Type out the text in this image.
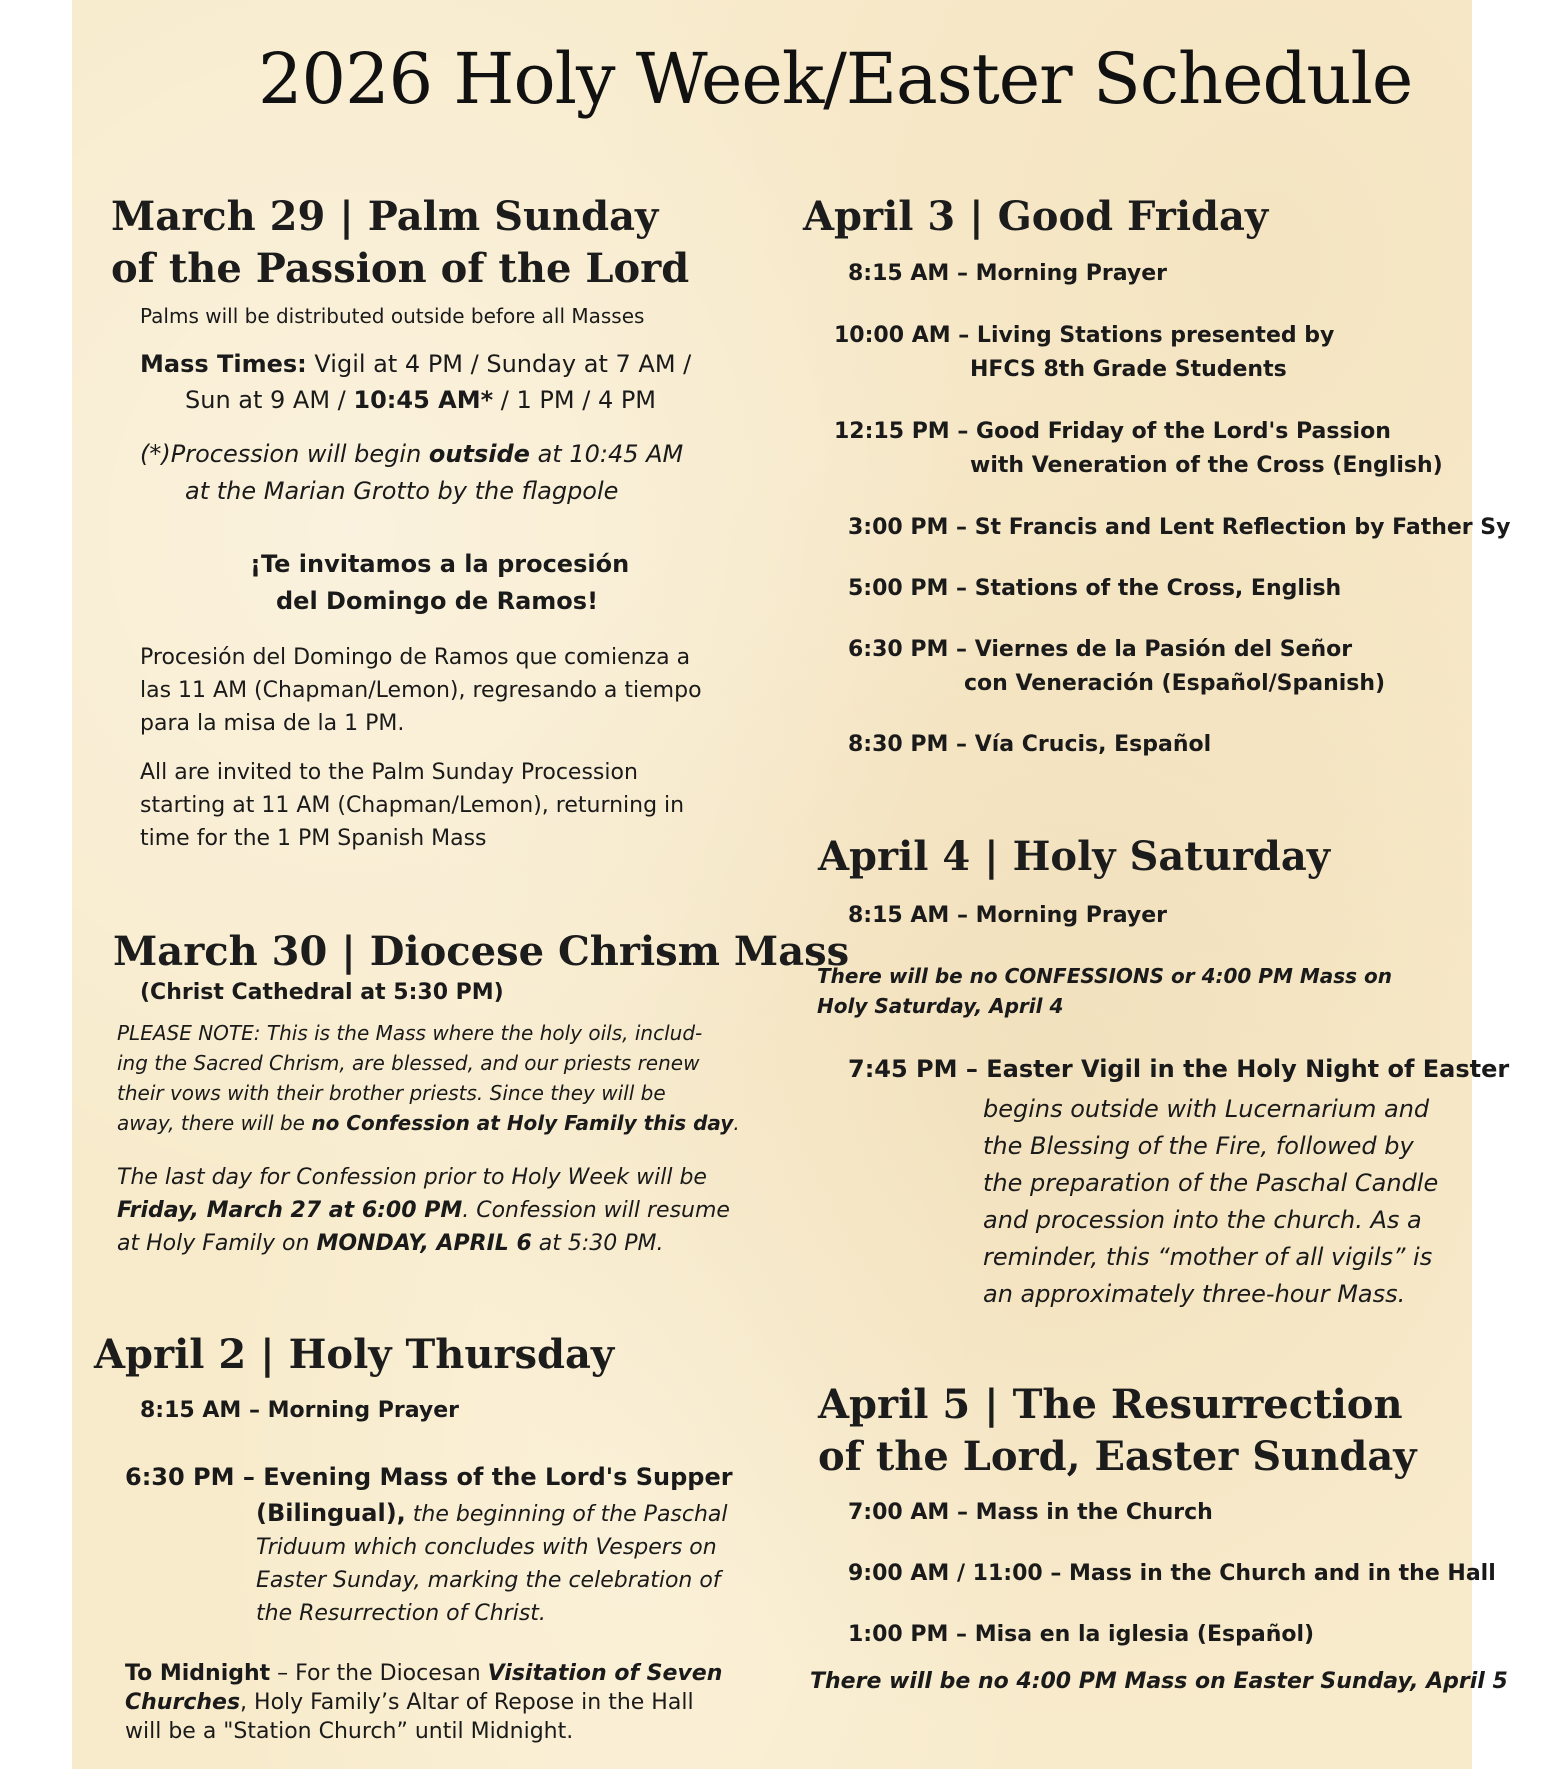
2026 Holy Week/Easter Schedule
March 29 | Palm Sunday
of the Passion of the Lord
Palms will be distributed outside before all Masses
Mass Times: Vigil at 4 PM / Sunday at 7 AM /
Sun at 9 AM / 10:45 AM* / 1 PM / 4 PM
(*)Procession will begin outside at 10:45 AM
at the Marian Grotto by the flagpole
¡Te invitamos a la procesión
del Domingo de Ramos!
Procesión del Domingo de Ramos que comienza a
las 11 AM (Chapman/Lemon), regresando a tiempo
para la misa de la 1 PM.
All are invited to the Palm Sunday Procession
starting at 11 AM (Chapman/Lemon), returning in
time for the 1 PM Spanish Mass
March 30 | Diocese Chrism Mass
(Christ Cathedral at 5:30 PM)
PLEASE NOTE: This is the Mass where the holy oils, includ-
ing the Sacred Chrism, are blessed, and our priests renew
their vows with their brother priests. Since they will be
away, there will be no Confession at Holy Family this day.
The last day for Confession prior to Holy Week will be
Friday, March 27 at 6:00 PM. Confession will resume
at Holy Family on MONDAY, APRIL 6 at 5:30 PM.
April 2 | Holy Thursday
8:15 AM – Morning Prayer
6:30 PM – Evening Mass of the Lord's Supper
(Bilingual), the beginning of the Paschal
Triduum which concludes with Vespers on
Easter Sunday, marking the celebration of
the Resurrection of Christ.
To Midnight – For the Diocesan Visitation of Seven
Churches, Holy Family’s Altar of Repose in the Hall
will be a "Station Church” until Midnight.
April 3 | Good Friday
8:15 AM – Morning Prayer
10:00 AM – Living Stations presented by
HFCS 8th Grade Students
12:15 PM – Good Friday of the Lord's Passion
with Veneration of the Cross (English)
3:00 PM – St Francis and Lent Reflection by Father Sy
5:00 PM – Stations of the Cross, English
6:30 PM – Viernes de la Pasión del Señor
con Veneración (Español/Spanish)
8:30 PM – Vía Crucis, Español
April 4 | Holy Saturday
8:15 AM – Morning Prayer
There will be no CONFESSIONS or 4:00 PM Mass on
Holy Saturday, April 4
7:45 PM – Easter Vigil in the Holy Night of Easter
begins outside with Lucernarium and
the Blessing of the Fire, followed by
the preparation of the Paschal Candle
and procession into the church. As a
reminder, this “mother of all vigils” is
an approximately three-hour Mass.
April 5 | The Resurrection
of the Lord, Easter Sunday
7:00 AM – Mass in the Church
9:00 AM / 11:00 – Mass in the Church and in the Hall
1:00 PM – Misa en la iglesia (Español)
There will be no 4:00 PM Mass on Easter Sunday, April 5
